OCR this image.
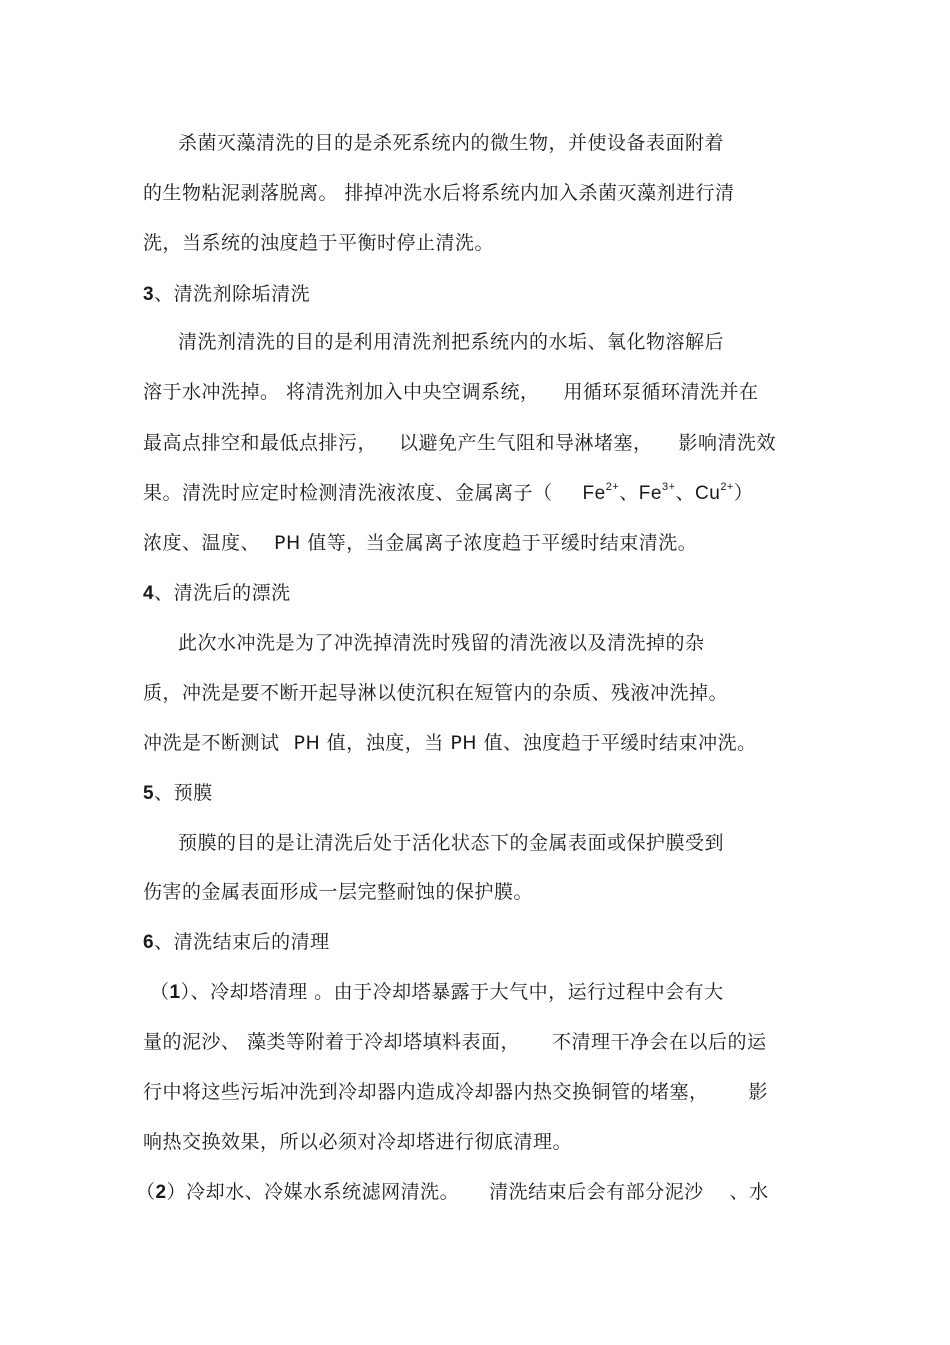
杀菌灭藻清洗的目的是杀死系统内的微生物，并使设备表面附着
的生物粘泥剥落脱离。 排掉冲洗水后将系统内加入杀菌灭藻剂进行清
洗，当系统的浊度趋于平衡时停止清洗。
3、清洗剂除垢清洗
清洗剂清洗的目的是利用清洗剂把系统内的水垢、氧化物溶解后
溶于水冲洗掉。 将清洗剂加入中央空调系统， 用循环泵循环清洗并在
最高点排空和最低点排污， 以避免产生气阻和导淋堵塞， 影响清洗效
果。清洗时应定时检测清洗液浓度、金属离子（ $Fe^{2+}$、$Fe^{3+}$、$Cu^{2+}$）
浓度、温度、 PH 值等，当金属离子浓度趋于平缓时结束清洗。
4、清洗后的漂洗
此次水冲洗是为了冲洗掉清洗时残留的清洗液以及清洗掉的杂
质，冲洗是要不断开起导淋以使沉积在短管内的杂质、残液冲洗掉。
冲洗是不断测试 PH 值，浊度，当 PH 值、浊度趋于平缓时结束冲洗。
5、预膜
预膜的目的是让清洗后处于活化状态下的金属表面或保护膜受到
伤害的金属表面形成一层完整耐蚀的保护膜。
6、清洗结束后的清理
（1）、冷却塔清理 。由于冷却塔暴露于大气中，运行过程中会有大
量的泥沙、 藻类等附着于冷却塔填料表面， 不清理干净会在以后的运
行中将这些污垢冲洗到冷却器内造成冷却器内热交换铜管的堵塞， 影
响热交换效果，所以必须对冷却塔进行彻底清理。
（2）冷却水、冷媒水系统滤网清洗。 清洗结束后会有部分泥沙 、水
